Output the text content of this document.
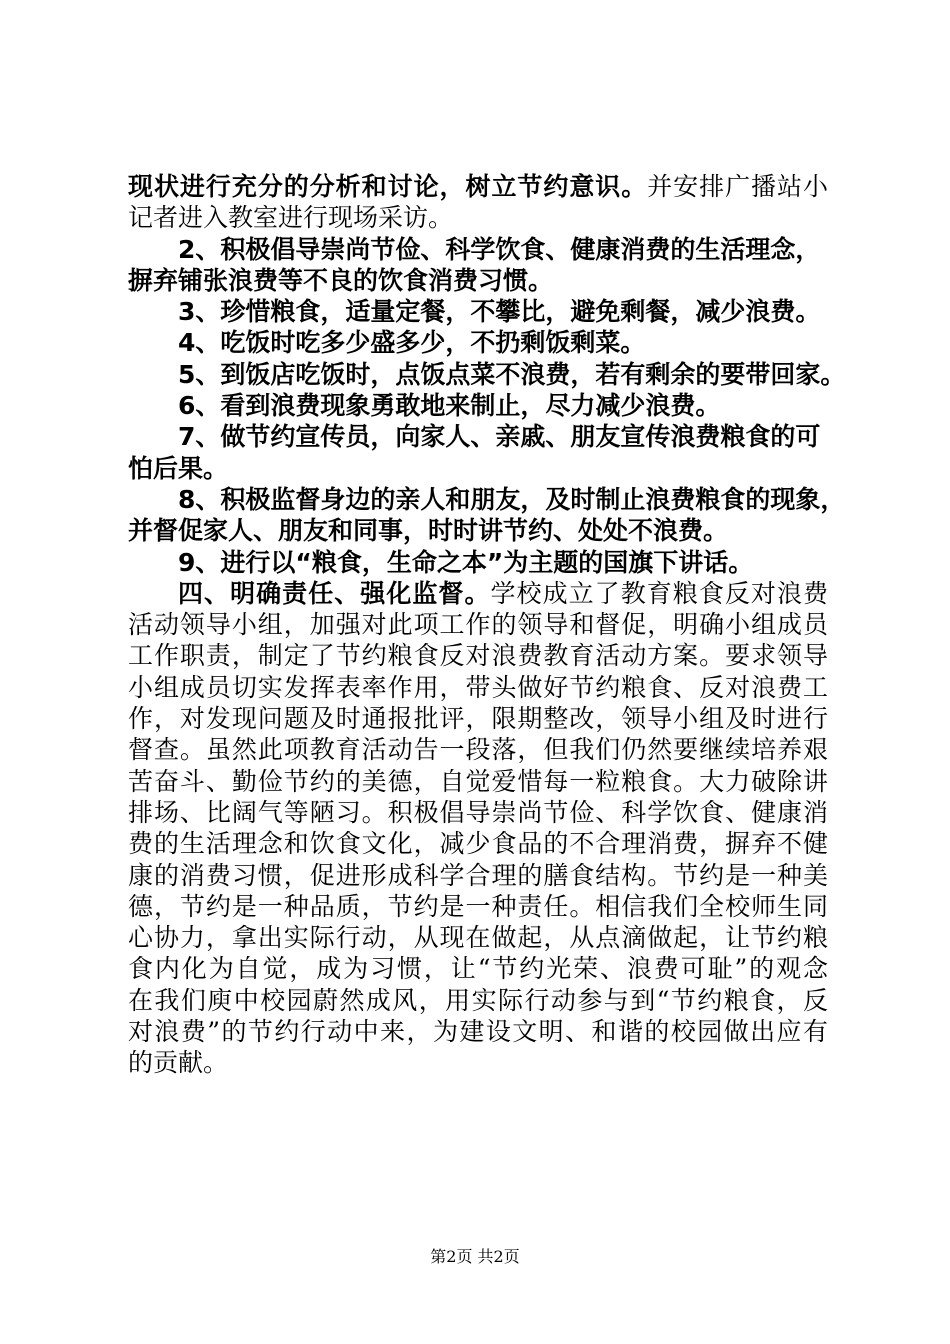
现状进行充分的分析和讨论，树立节约意识。并安排广播站小
记者进入教室进行现场采访。
2、积极倡导崇尚节俭、科学饮食、健康消费的生活理念，
摒弃铺张浪费等不良的饮食消费习惯。
3、珍惜粮食，适量定餐，不攀比，避免剩餐，减少浪费。
4、吃饭时吃多少盛多少，不扔剩饭剩菜。
5、到饭店吃饭时，点饭点菜不浪费，若有剩余的要带回家。
6、看到浪费现象勇敢地来制止，尽力减少浪费。
7、做节约宣传员，向家人、亲戚、朋友宣传浪费粮食的可
怕后果。
8、积极监督身边的亲人和朋友，及时制止浪费粮食的现象，
并督促家人、朋友和同事，时时讲节约、处处不浪费。
9、进行以“粮食，生命之本”为主题的国旗下讲话。
四、明确责任、强化监督。学校成立了教育粮食反对浪费
活动领导小组，加强对此项工作的领导和督促，明确小组成员
工作职责，制定了节约粮食反对浪费教育活动方案。要求领导
小组成员切实发挥表率作用，带头做好节约粮食、反对浪费工
作，对发现问题及时通报批评，限期整改，领导小组及时进行
督查。虽然此项教育活动告一段落，但我们仍然要继续培养艰
苦奋斗、勤俭节约的美德，自觉爱惜每一粒粮食。大力破除讲
排场、比阔气等陋习。积极倡导崇尚节俭、科学饮食、健康消
费的生活理念和饮食文化，减少食品的不合理消费，摒弃不健
康的消费习惯，促进形成科学合理的膳食结构。节约是一种美
德，节约是一种品质，节约是一种责任。相信我们全校师生同
心协力，拿出实际行动，从现在做起，从点滴做起，让节约粮
食内化为自觉，成为习惯，让“节约光荣、浪费可耻”的观念
在我们庾中校园蔚然成风，用实际行动参与到“节约粮食，反
对浪费”的节约行动中来，为建设文明、和谐的校园做出应有
的贡献。
第2页 共2页
